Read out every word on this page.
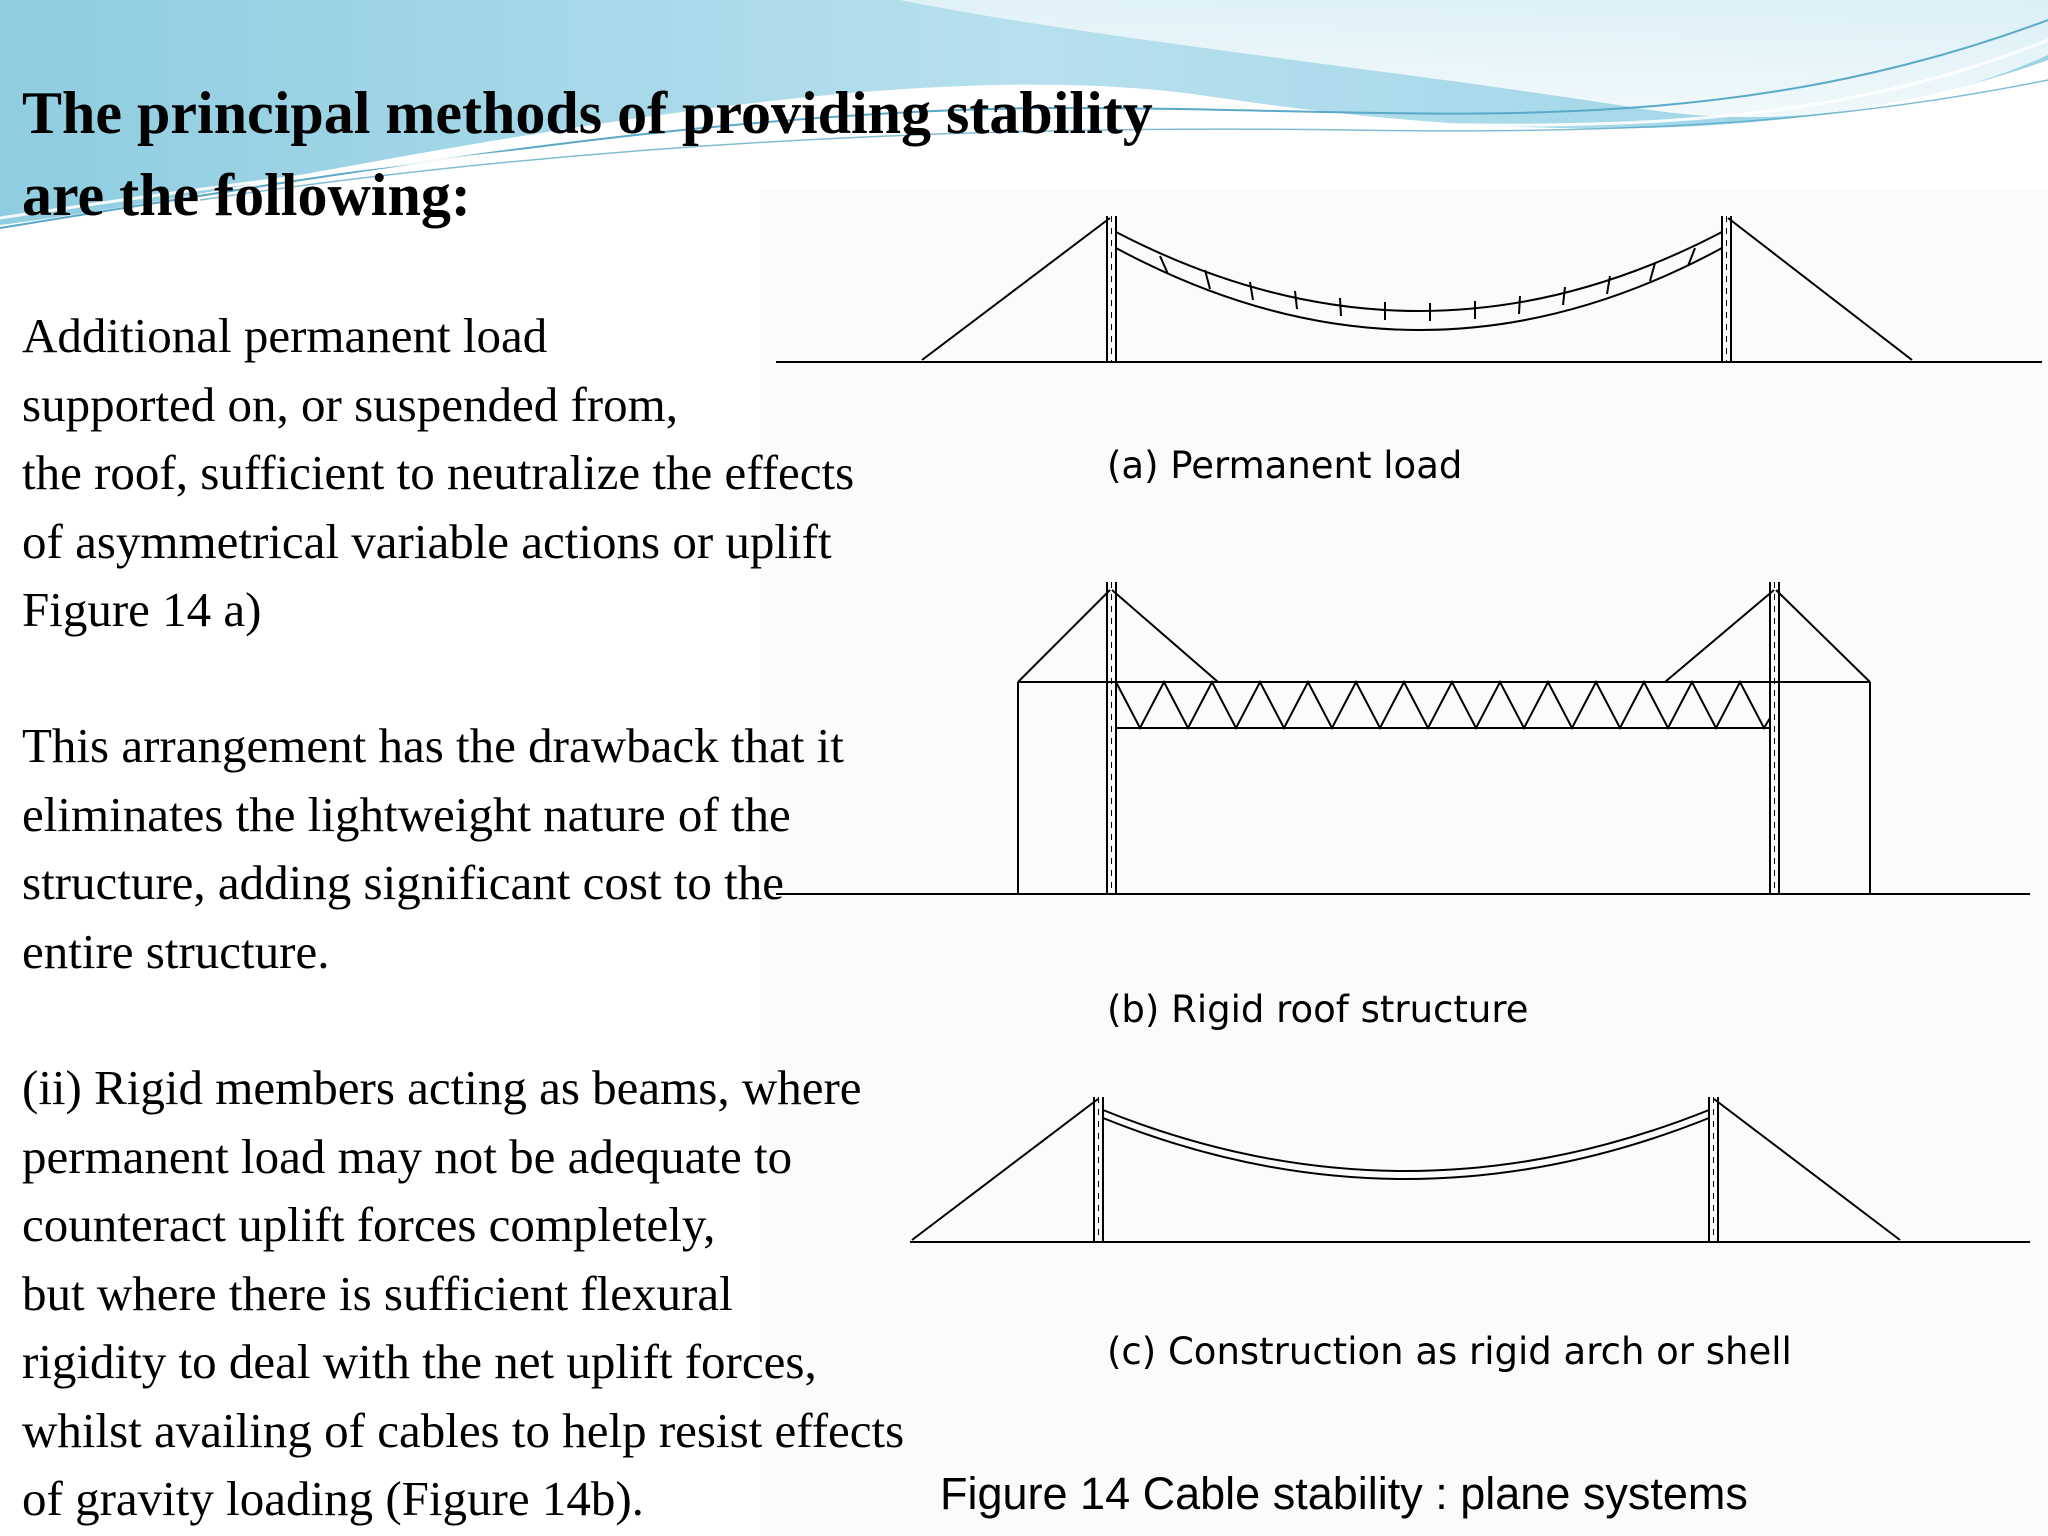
The principal methods of providing stability
are the following:
Additional permanent load
supported on, or suspended from,
the roof, sufficient to neutralize the effects
of asymmetrical variable actions or uplift
Figure 14 a)
This arrangement has the drawback that it
eliminates the lightweight nature of the
structure, adding significant cost to the
entire structure.
(ii) Rigid members acting as beams, where
permanent load may not be adequate to
counteract uplift forces completely,
but where there is sufficient flexural
rigidity to deal with the net uplift forces,
whilst availing of cables to help resist effects
of gravity loading (Figure 14b).
(a) Permanent load
(b) Rigid roof structure
(c) Construction as rigid arch or shell
Figure 14 Cable stability : plane systems
